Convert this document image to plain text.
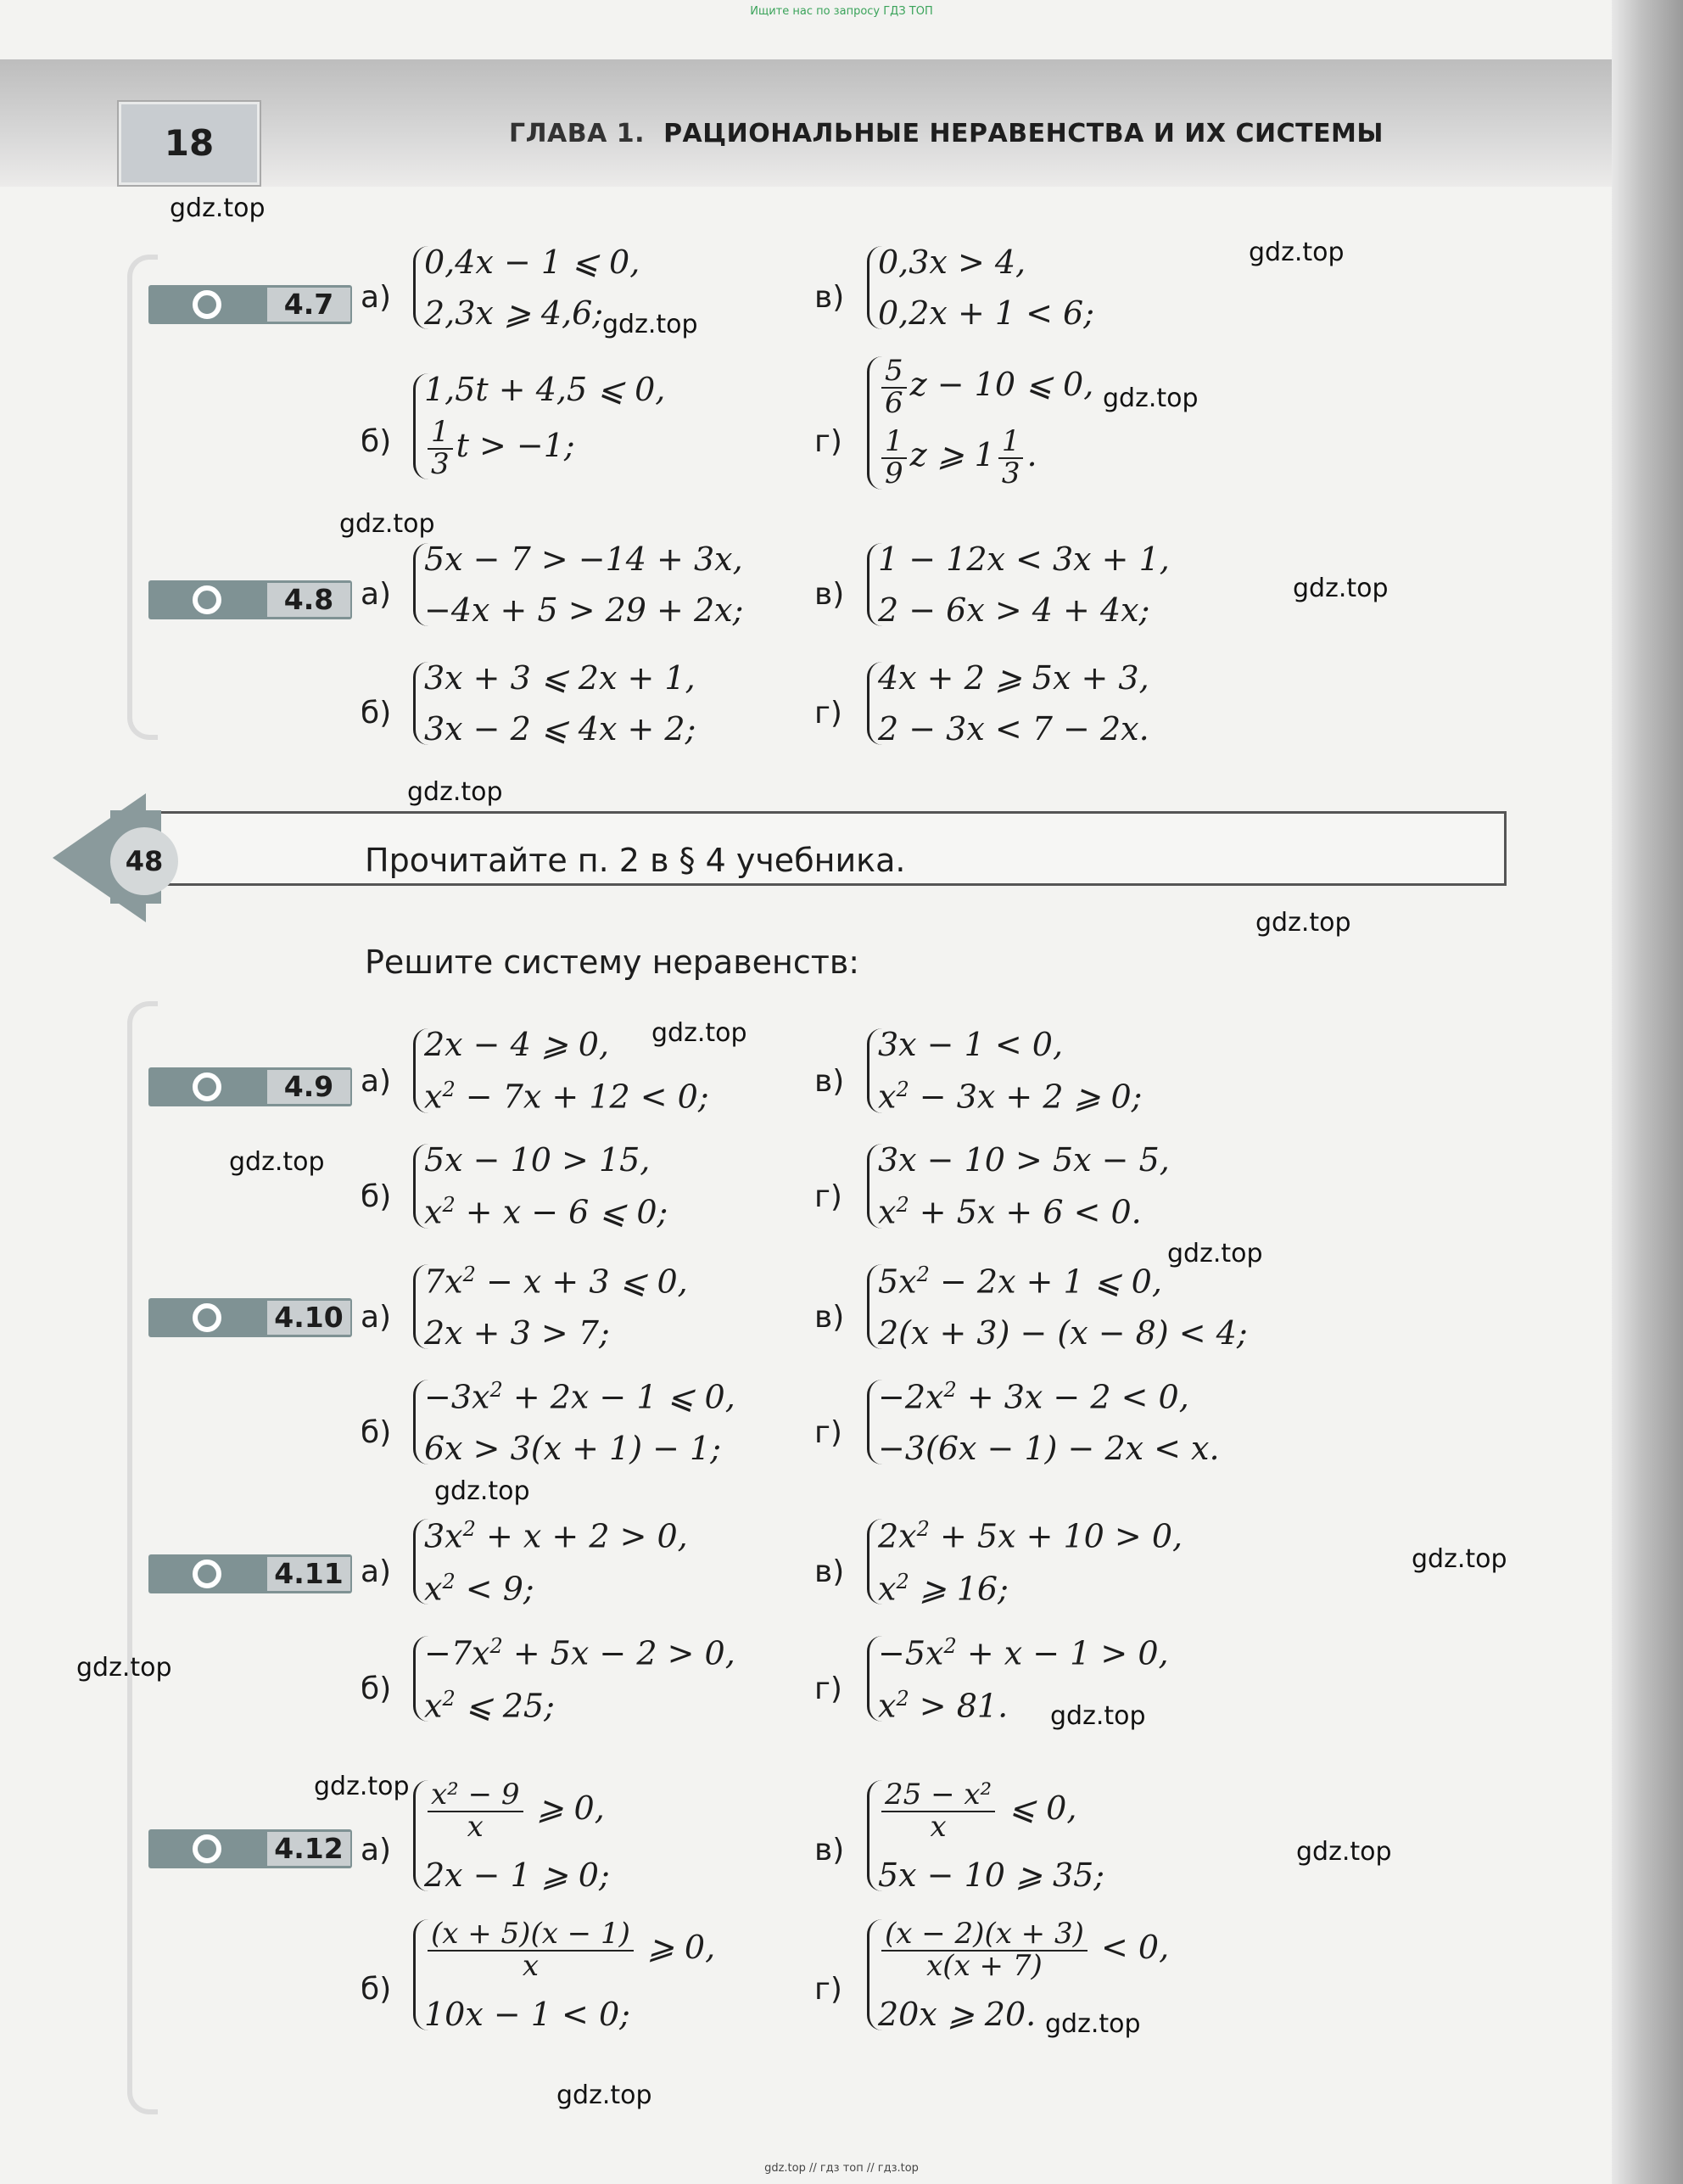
Ищите нас по запросу ГДЗ ТОП
18	ГЛАВА 1. РАЦИОНАЛЬНЫЕ НЕРАВЕНСТВА И ИХ СИСТЕМЫ
gdz.top
gdz.top
gdz.top
gdz.top
gdz.top
gdz.top
gdz.top
gdz.top
gdz.top
gdz.top
gdz.top
gdz.top
gdz.top
gdz.top
gdz.top
gdz.top
gdz.top
gdz.top
gdz.top
4.7 а)
0,4x − 1 ⩽ 0,
2,3x ⩾ 4,6;	в)
0,3x > 4,
0,2x + 1 < 6;
б)
1,5t + 4,5 ⩽ 0,
$\frac{1}{3}$ t > −1;	г)
$\frac{5}{6}$ z − 10 ⩽ 0,
$\frac{1}{9}$ z ⩾ $1 \frac{1}{3}$ .
4.8 а)
5x − 7 > −14 + 3x,
−4x + 5 > 29 + 2x; в)
1 − 12x < 3x + 1,
2 − 6x > 4 + 4x;
б)
3x + 3 ⩽ 2x + 1,
3x − 2 ⩽ 4x + 2;	г)
4x + 2 ⩾ 5x + 3,
2 − 3x < 7 − 2x.
48	Прочитайте п. 2 в § 4 учебника.
Решите систему неравенств:
4.9 а)
2x − 4 ⩾ 0,
$x^2 - 7x + 12 < 0$;	в)
3x − 1 < 0,
$x^2 - 3x + 2$ ⩾ 0;
б)
5x − 10 > 15,
$x^2 + x - 6$ ⩽ 0;	г)
3x − 10 > 5x − 5,
$x^2 + 5x + 6 < 0$.
4.10 а)
$7x^2 - x + 3$ ⩽ 0,
2x + 3 > 7;	в)
$5x^2 - 2x + 1$ ⩽ 0,
2(x + 3) − (x − 8) < 4;
б)
$-3x^2 + 2x - 1$ ⩽ 0,
6x > 3(x + 1) − 1;	г)
$-2x^2 + 3x - 2 < 0$,
−3(6x − 1) − 2x < x.
4.11 а)
$3x^2 + x + 2 > 0$,
$x^2 < 9$;	в)
$2x^2 + 5x + 10 > 0$,
$x^2$ ⩾ 16;
б)
$-7x^2 + 5x - 2 > 0$,
$x^2$ ⩽ 25;	г)
$-5x^2 + x - 1 > 0$,
$x^2 > 81$.
4.12 а)
$\frac{\text{x² − 9}}{x}$ ⩾ 0,
2x − 1 ⩾ 0;
в)
$\frac{\text{25 − x²}}{x}$ ⩽ 0,
5x − 10 ⩾ 35;
б)
$\frac{(x + 5)(x - 1)}{x}$ ⩾ 0,
10x − 1 < 0;
г)
$\frac{(x - 2)(x + 3)}{x(x + 7)} < 0$,
20x ⩾ 20.
gdz.top // гдз топ // гдз.top
